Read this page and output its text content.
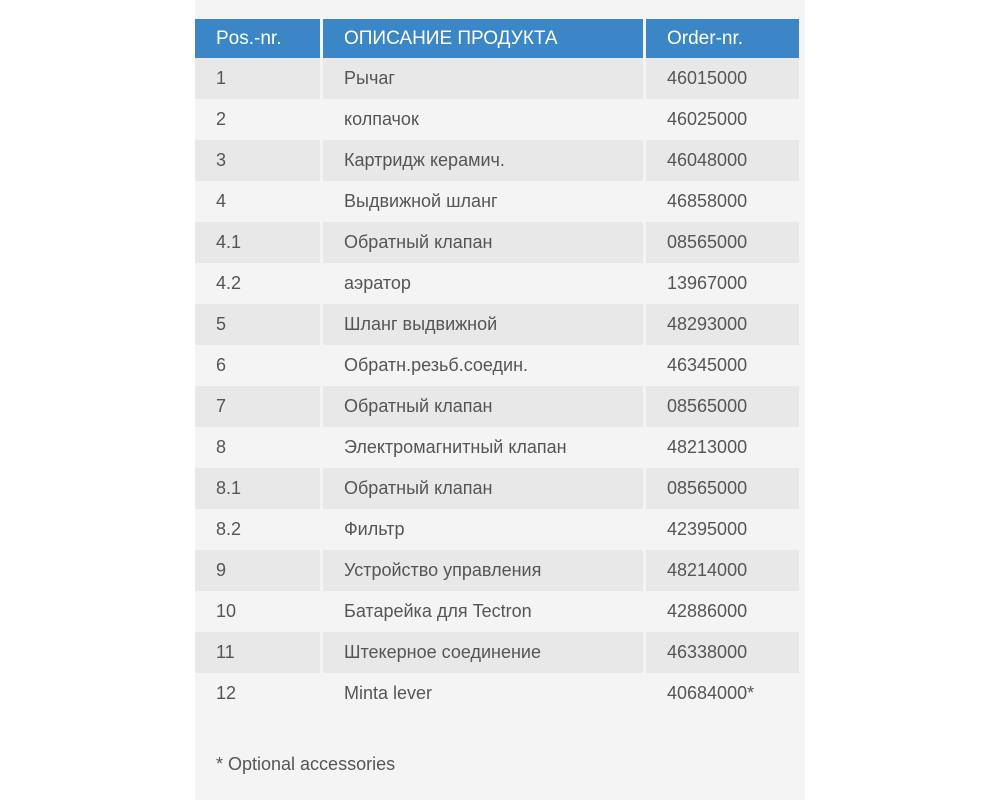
Pos.-nr.	ОПИСАНИЕ ПРОДУКТА	Order-nr.
1	Рычаг	46015000
2	колпачок	46025000
3	Картридж керамич.	46048000
4	Выдвижной шланг	46858000
4.1	Обратный клапан	08565000
4.2	аэратор	13967000
5	Шланг выдвижной	48293000
6	Обратн.резьб.соедин.	46345000
7	Обратный клапан	08565000
8	Электромагнитный клапан	48213000
8.1	Обратный клапан	08565000
8.2	Фильтр	42395000
9	Устройство управления	48214000
10	Батарейка для Tectron	42886000
11	Штекерное соединение	46338000
12	Minta lever	40684000*
* Optional accessories
